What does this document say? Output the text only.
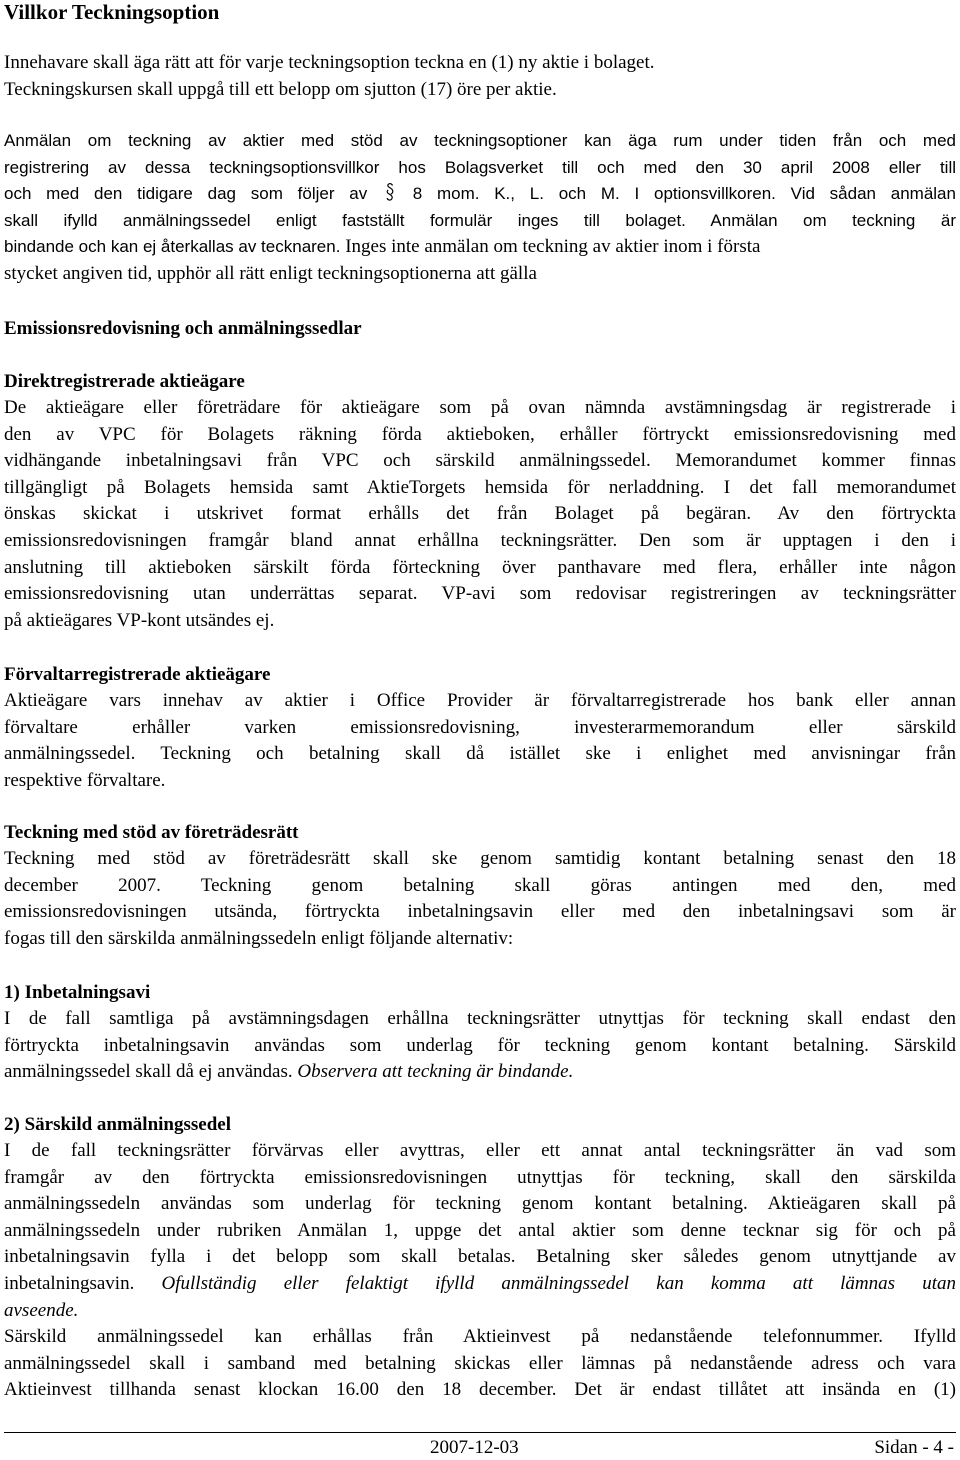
Villkor Teckningsoption
Innehavare skall äga rätt att för varje teckningsoption teckna en (1) ny aktie i bolaget.
Teckningskursen skall uppgå till ett belopp om sjutton (17) öre per aktie.
Anmälan om teckning av aktier med stöd av teckningsoptioner kan äga rum under tiden från och med
registrering av dessa teckningsoptionsvillkor hos Bolagsverket till och med den 30 april 2008 eller till
och med den tidigare dag som följer av	8 mom. K., L. och M. I optionsvillkoren. Vid sådan anmälan
skall ifylld anmälningssedel enligt fastställt formulär inges till bolaget. Anmälan om teckning är
bindande och kan ej återkallas av tecknaren. Inges inte anmälan om teckning av aktier inom i första
stycket angiven tid, upphör all rätt enligt teckningsoptionerna att gälla
Emissionsredovisning och anmälningssedlar
Direktregistrerade aktieägare
De aktieägare eller företrädare för aktieägare som på ovan nämnda avstämningsdag är registrerade i
den av VPC för Bolagets räkning förda aktieboken, erhåller förtryckt emissionsredovisning med
vidhängande inbetalningsavi från VPC och särskild anmälningssedel. Memorandumet kommer finnas
tillgängligt på Bolagets hemsida samt AktieTorgets hemsida för nerladdning. I det fall memorandumet
önskas skickat i utskrivet format erhålls det från Bolaget på begäran. Av den förtryckta
emissionsredovisningen framgår bland annat erhållna teckningsrätter. Den som är upptagen i den i
anslutning till aktieboken särskilt förda förteckning över panthavare med flera, erhåller inte någon
emissionsredovisning utan underrättas separat. VP-avi som redovisar registreringen av teckningsrätter
på aktieägares VP-kont utsändes ej.
Förvaltarregistrerade aktieägare
Aktieägare vars innehav av aktier i Office Provider är förvaltarregistrerade hos bank eller annan
förvaltare erhåller varken emissionsredovisning, investerarmemorandum eller särskild
anmälningssedel. Teckning och betalning skall då istället ske i enlighet med anvisningar från
respektive förvaltare.
Teckning med stöd av företrädesrätt
Teckning med stöd av företrädesrätt skall ske genom samtidig kontant betalning senast den 18
december 2007. Teckning genom betalning skall göras antingen med den, med
emissionsredovisningen utsända, förtryckta inbetalningsavin eller med den inbetalningsavi som är
fogas till den särskilda anmälningssedeln enligt följande alternativ:
1) Inbetalningsavi
I de fall samtliga på avstämningsdagen erhållna teckningsrätter utnyttjas för teckning skall endast den
förtryckta inbetalningsavin användas som underlag för teckning genom kontant betalning. Särskild
anmälningssedel skall då ej användas. Observera att teckning är bindande.
2) Särskild anmälningssedel
I de fall teckningsrätter förvärvas eller avyttras, eller ett annat antal teckningsrätter än vad som
framgår av den förtryckta emissionsredovisningen utnyttjas för teckning, skall den särskilda
anmälningssedeln användas som underlag för teckning genom kontant betalning. Aktieägaren skall på
anmälningssedeln under rubriken Anmälan 1, uppge det antal aktier som denne tecknar sig för och på
inbetalningsavin fylla i det belopp som skall betalas. Betalning sker således genom utnyttjande av
inbetalningsavin. Ofullständig eller felaktigt ifylld anmälningssedel kan komma att lämnas utan
avseende.
Särskild anmälningssedel kan erhållas från Aktieinvest på nedanstående telefonnummer. Ifylld
anmälningssedel skall i samband med betalning skickas eller lämnas på nedanstående adress och vara
Aktieinvest tillhanda senast klockan 16.00 den 18 december. Det är endast tillåtet att insända en (1)
2007-12-03	Sidan - 4 -
